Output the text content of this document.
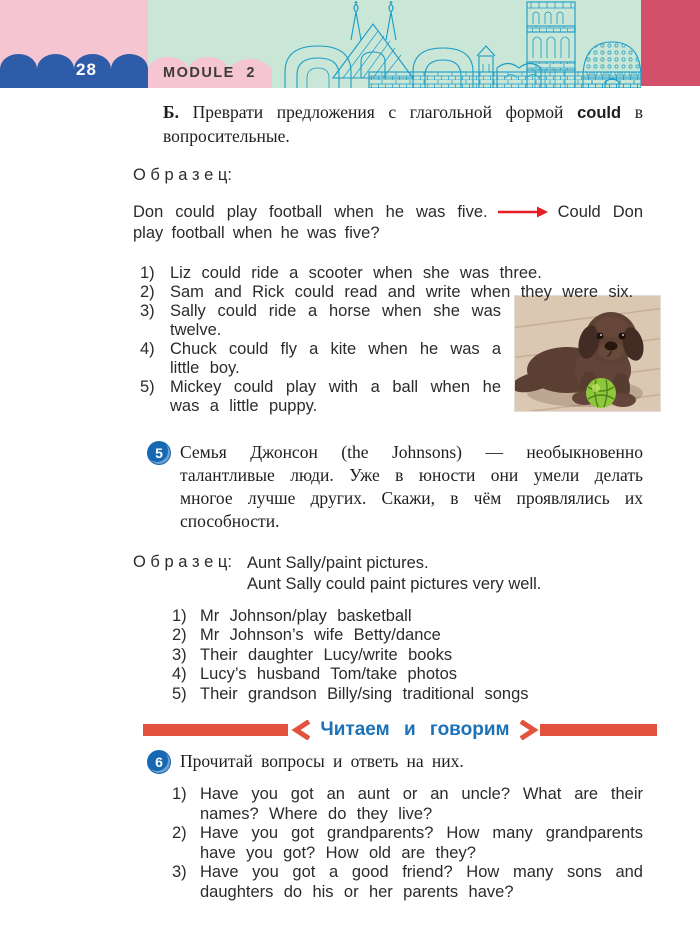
MODULE 2
28

Б. Преврати предложения с глагольной формой could в вопросительные.

О б р а з е ц:

Don could play football when he was five.	Could Don play football when he was five?

1) Liz could ride a scooter when she was three.
2) Sam and Rick could read and write when they were six.
3) Sally could ride a horse when she was twelve.
4) Chuck could fly a kite when he was a little boy.
5) Mickey could play with a ball when he was a little puppy.
5 Семья Джонсон (the Johnsons) — необыкновенно талантливые люди. Уже в юности они умели делать многое лучше других. Скажи, в чём проявлялись их способности.

О б р а з е ц: Aunt Sally/paint pictures.
Aunt Sally could paint pictures very well.
1) Mr Johnson/play basketball
2) Mr Johnson’s wife Betty/dance
3) Their daughter Lucy/write books
4) Lucy’s husband Tom/take photos
5) Their grandson Billy/sing traditional songs
Читаем и говорим
6 Прочитай вопросы и ответь на них.

1) Have you got an aunt or an uncle? What are their names? Where do they live?
2) Have you got grandparents? How many grandparents have you got? How old are they?
3) Have you got a good friend? How many sons and daughters do his or her parents have?
